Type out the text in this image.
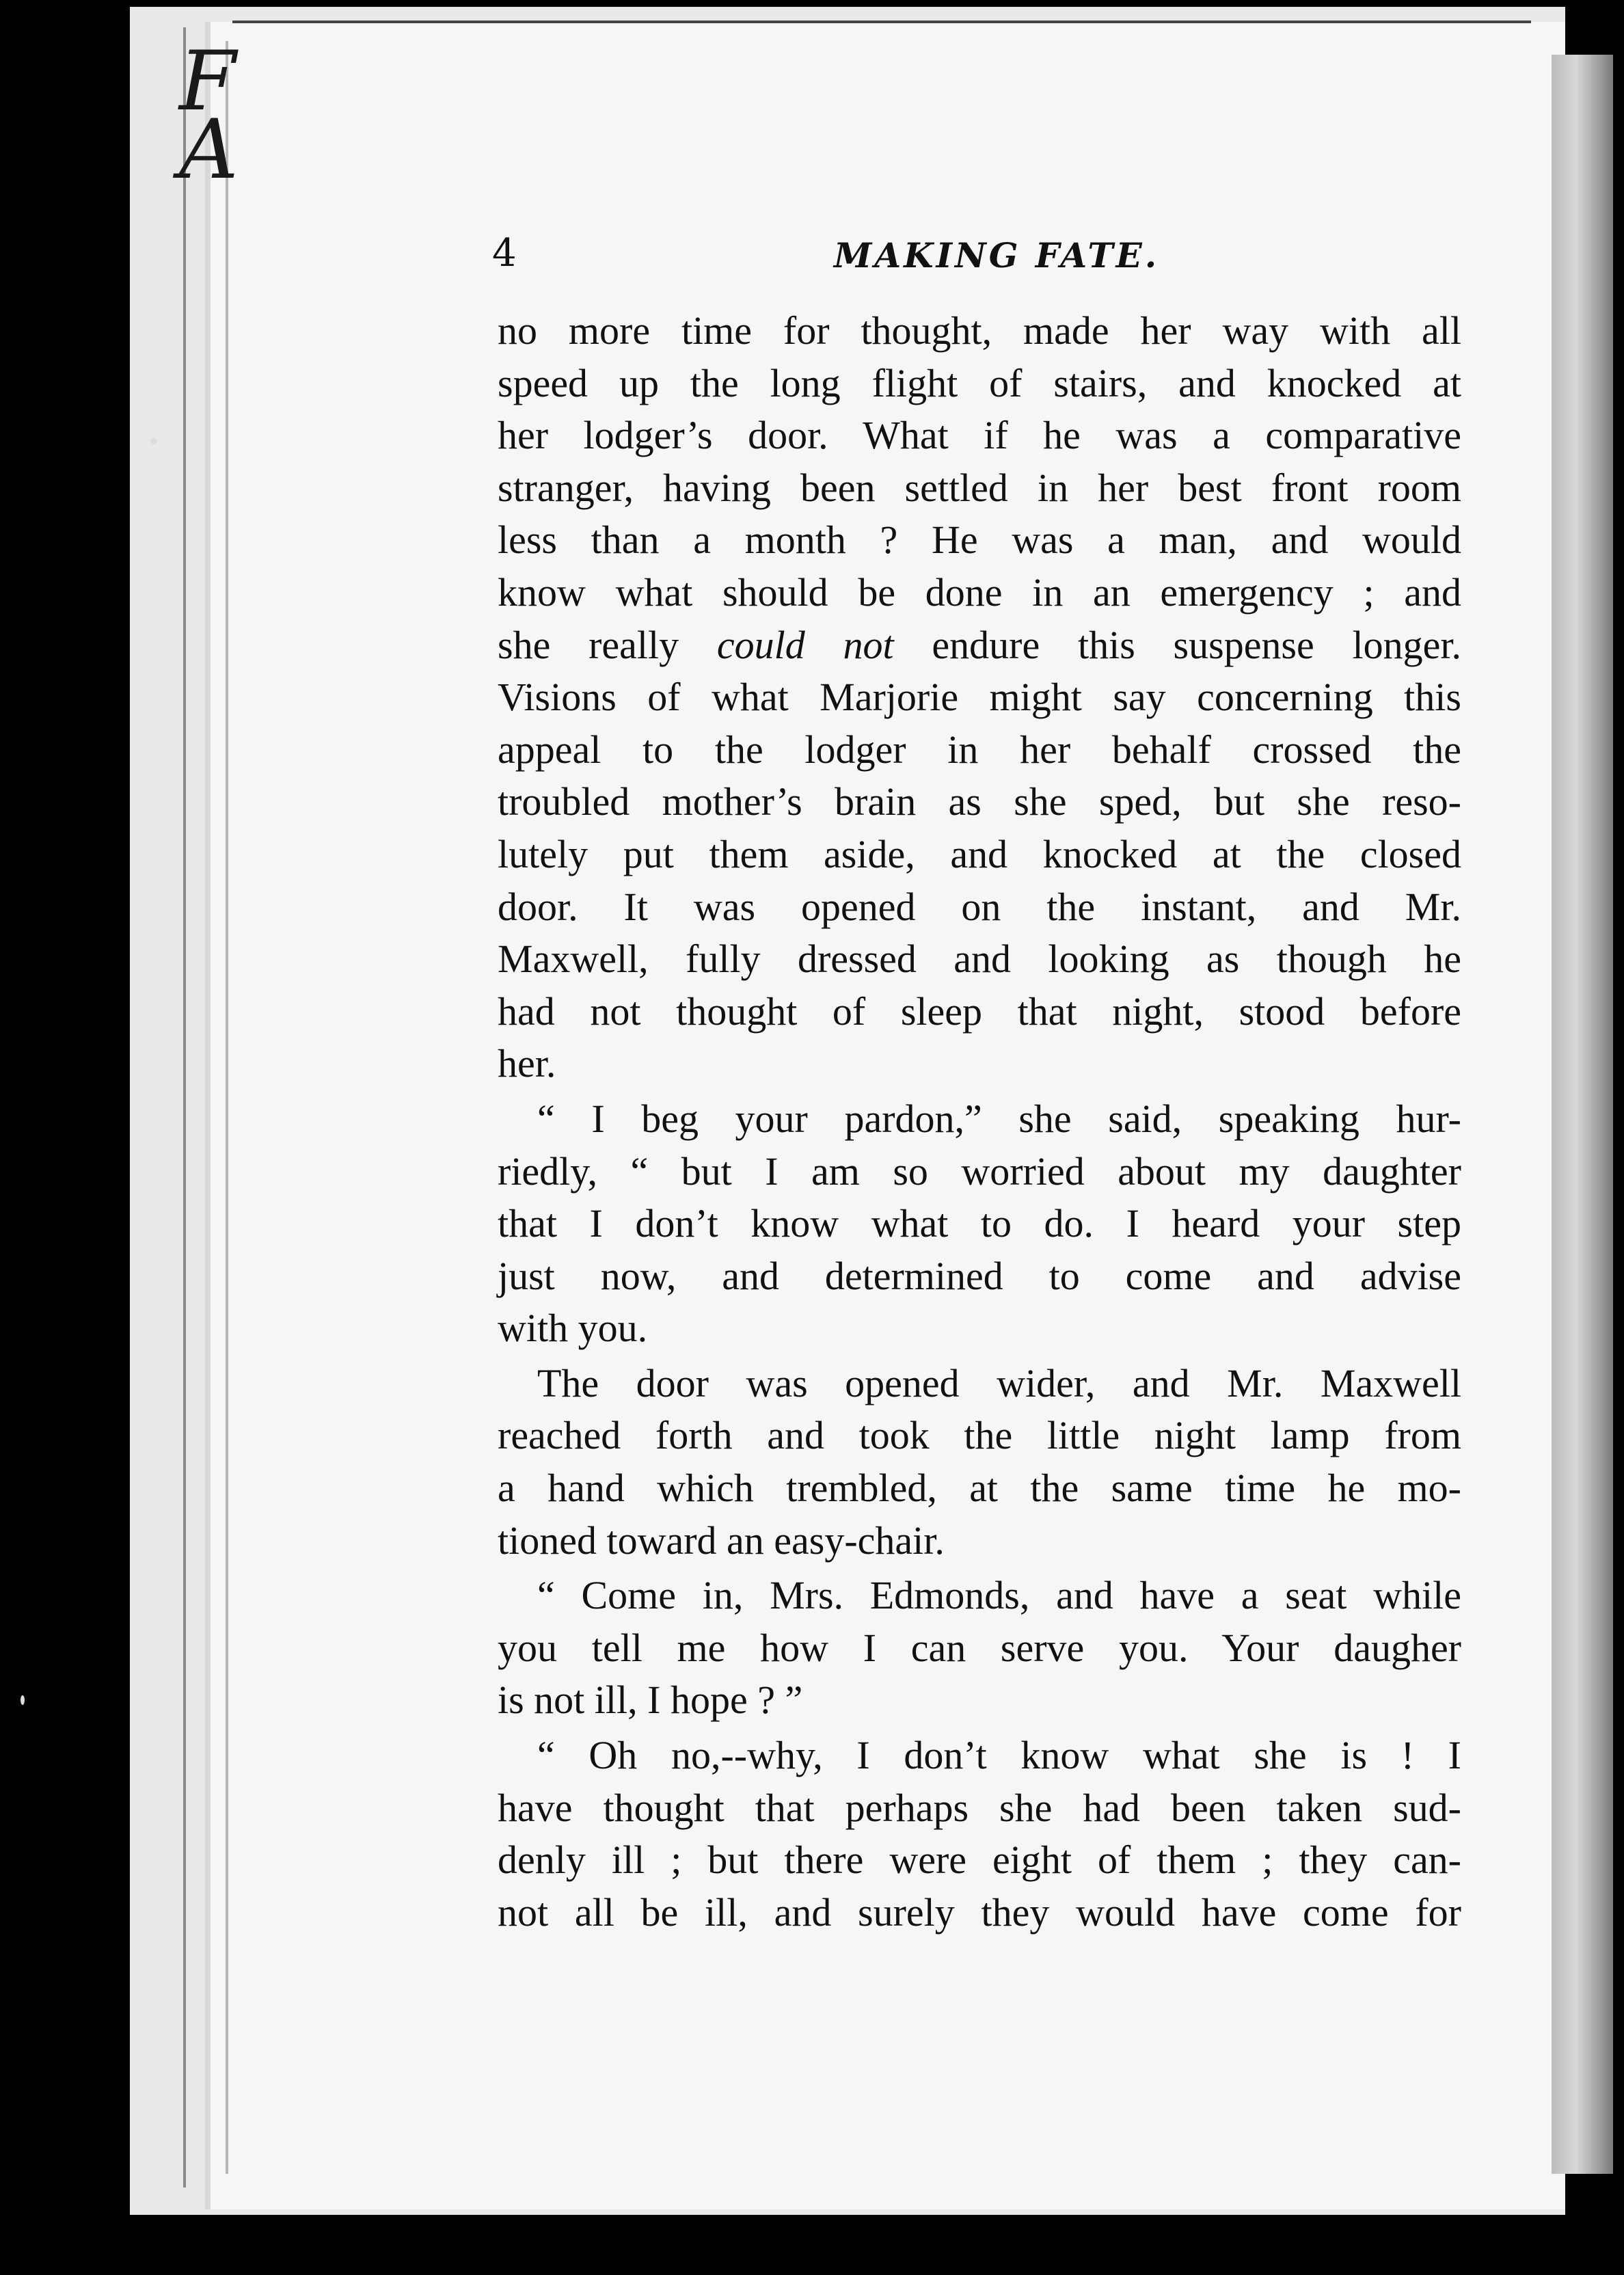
F
A
4	MAKING FATE.
no more time for thought, made her way with all
speed up the long flight of stairs, and knocked at
her lodger’s door. What if he was a comparative
stranger, having been settled in her best front room
less than a month ? He was a man, and would
know what should be done in an emergency ; and
she really could not endure this suspense longer.
Visions of what Marjorie might say concerning this
appeal to the lodger in her behalf crossed the
troubled mother’s brain as she sped, but she reso-
lutely put them aside, and knocked at the closed
door. It was opened on the instant, and Mr.
Maxwell, fully dressed and looking as though he
had not thought of sleep that night, stood before
her.
“ I beg your pardon,” she said, speaking hur-
riedly, “ but I am so worried about my daughter
that I don’t know what to do. I heard your step
just now, and determined to come and advise
with you.
The door was opened wider, and Mr. Maxwell
reached forth and took the little night lamp from
a hand which trembled, at the same time he mo-
tioned toward an easy-chair.
“ Come in, Mrs. Edmonds, and have a seat while
you tell me how I can serve you. Your daugher
is not ill, I hope ? ”
“ Oh no,--why, I don’t know what she is ! I
have thought that perhaps she had been taken sud-
denly ill ; but there were eight of them ; they can-
not all be ill, and surely they would have come for
